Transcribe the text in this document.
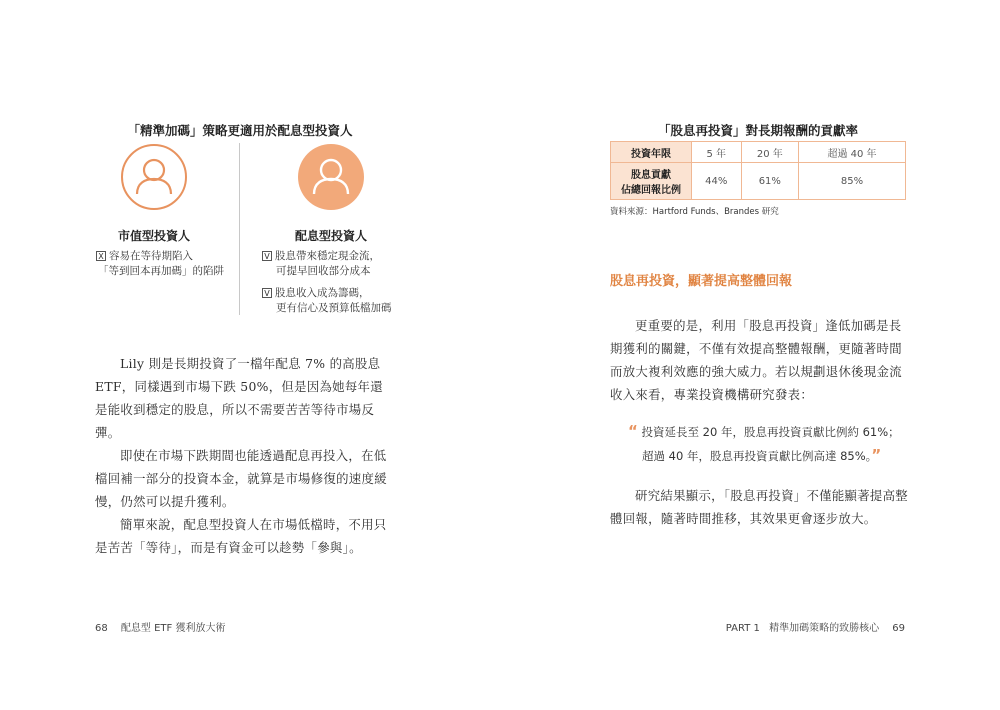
「精準加碼」策略更適用於配息型投資人
市值型投資人	配息型投資人
X 容易在等待期陷入
「等到回本再加碼」的陷阱
V 股息帶來穩定現金流，
可提早回收部分成本
V 股息收入成為籌碼，
更有信心及預算低檔加碼

Lily 則是長期投資了一檔年配息 7% 的高股息 ETF，同樣遇到市場下跌 50%，但是因為她每年還是能收到穩定的股息，所以不需要苦苦等待市場反彈。

即使在市場下跌期間也能透過配息再投入，在低檔回補一部分的投資本金，就算是市場修復的速度緩慢，仍然可以提升獲利。

簡單來說，配息型投資人在市場低檔時，不用只是苦苦「等待」，而是有資金可以趁勢「參與」。

68 配息型 ETF 獲利放大術
「股息再投資」對長期報酬的貢獻率
投資年限	5 年	20 年	超過 40 年

股息貢獻
佔總回報比例	44%	61%	85%
資料來源：Hartford Funds、Brandes 研究
股息再投資，顯著提高整體回報

更重要的是，利用「股息再投資」逢低加碼是長期獲利的關鍵，不僅有效提高整體報酬，更隨著時間而放大複利效應的強大威力。若以規劃退休後現金流收入來看，專業投資機構研究發表：

“ 投資延長至 20 年，股息再投資貢獻比例約 61%；

超過 40 年，股息再投資貢獻比例高達 85%。”

研究結果顯示，「股息再投資」不僅能顯著提高整體回報，隨著時間推移，其效果更會逐步放大。

PART 1 精準加碼策略的致勝核心 69
